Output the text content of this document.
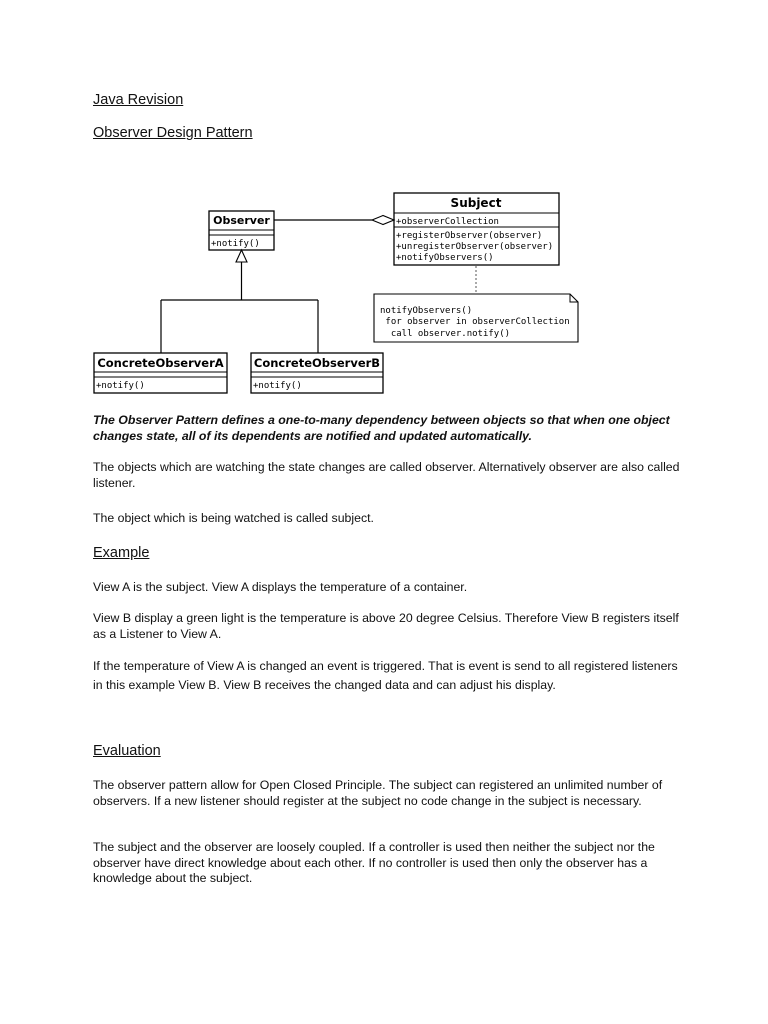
Java Revision
Observer Design Pattern
Subject
+observerCollection
+registerObserver(observer)
+unregisterObserver(observer)
+notifyObservers()
Observer
+notify()
ConcreteObserverA
+notify()
ConcreteObserverB
+notify()
notifyObservers()
for observer in observerCollection
call observer.notify()

The Observer Pattern defines a one-to-many dependency between objects so that when one object changes state, all of its dependents are notified and updated automatically.

The objects which are watching the state changes are called observer. Alternatively observer are also called listener.

The object which is being watched is called subject.

Example

View A is the subject. View A displays the temperature of a container.

View B display a green light is the temperature is above 20 degree Celsius. Therefore View B registers itself as a Listener to View A.

If the temperature of View A is changed an event is triggered. That is event is send to all registered listeners in this example View B. View B receives the changed data and can adjust his display.

Evaluation

The observer pattern allow for Open Closed Principle. The subject can registered an unlimited number of observers. If a new listener should register at the subject no code change in the subject is necessary.

The subject and the observer are loosely coupled. If a controller is used then neither the subject nor the observer have direct knowledge about each other. If no controller is used then only the observer has a knowledge about the subject.
